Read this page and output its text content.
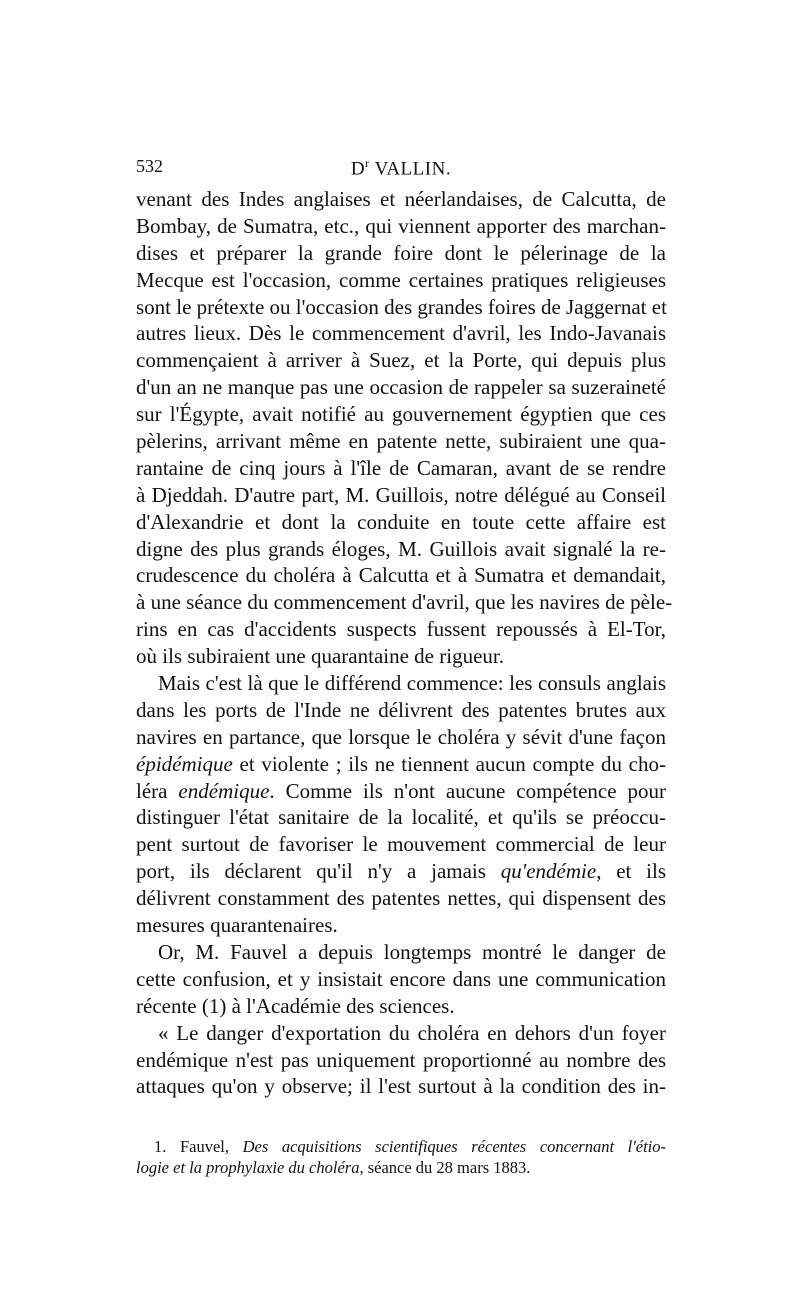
532	$D^r$ VALLIN.
venant des Indes anglaises et néerlandaises, de Calcutta, de
Bombay, de Sumatra, etc., qui viennent apporter des marchan-
dises et préparer la grande foire dont le pélerinage de la
Mecque est l'occasion, comme certaines pratiques religieuses
sont le prétexte ou l'occasion des grandes foires de Jaggernat et
autres lieux. Dès le commencement d'avril, les Indo-Javanais
commençaient à arriver à Suez, et la Porte, qui depuis plus
d'un an ne manque pas une occasion de rappeler sa suzeraineté
sur l'Égypte, avait notifié au gouvernement égyptien que ces
pèlerins, arrivant même en patente nette, subiraient une qua-
rantaine de cinq jours à l'île de Camaran, avant de se rendre
à Djeddah. D'autre part, M. Guillois, notre délégué au Conseil
d'Alexandrie et dont la conduite en toute cette affaire est
digne des plus grands éloges, M. Guillois avait signalé la re-
crudescence du choléra à Calcutta et à Sumatra et demandait,
à une séance du commencement d'avril, que les navires de pèle-
rins en cas d'accidents suspects fussent repoussés à El-Tor,
où ils subiraient une quarantaine de rigueur.
Mais c'est là que le différend commence: les consuls anglais
dans les ports de l'Inde ne délivrent des patentes brutes aux
navires en partance, que lorsque le choléra y sévit d'une façon
épidémique et violente ; ils ne tiennent aucun compte du cho-
léra endémique. Comme ils n'ont aucune compétence pour
distinguer l'état sanitaire de la localité, et qu'ils se préoccu-
pent surtout de favoriser le mouvement commercial de leur
port, ils déclarent qu'il n'y a jamais qu'endémie, et ils
délivrent constamment des patentes nettes, qui dispensent des
mesures quarantenaires.
Or, M. Fauvel a depuis longtemps montré le danger de
cette confusion, et y insistait encore dans une communication
récente (1) à l'Académie des sciences.
« Le danger d'exportation du choléra en dehors d'un foyer
endémique n'est pas uniquement proportionné au nombre des
attaques qu'on y observe; il l'est surtout à la condition des in-
1. Fauvel, Des acquisitions scientifiques récentes concernant l'étio-
logie et la prophylaxie du choléra, séance du 28 mars 1883.
